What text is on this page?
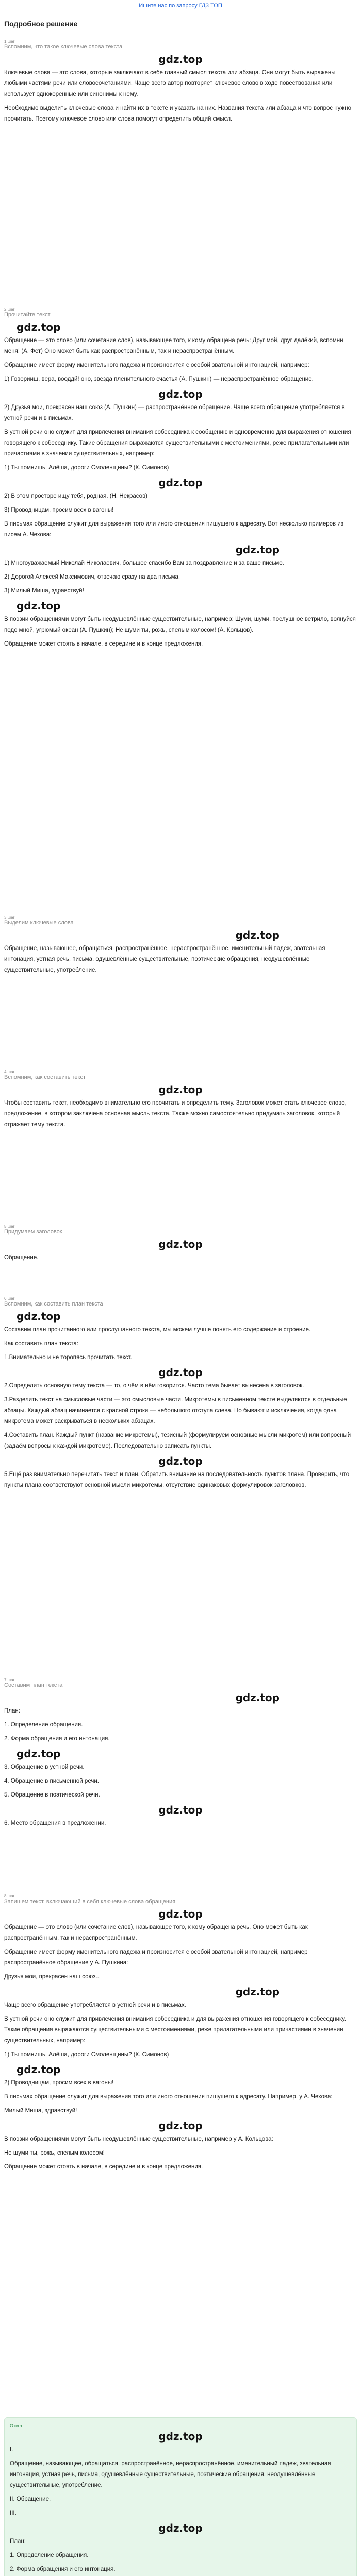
Ищите нас по запросу ГДЗ ТОП
Подробное решение
1 шаг
Вспомним, что такое ключевые слова текста
gdz.top
Ключевые слова — это слова, которые заключают в себе главный смысл текста или абзаца. Они могут быть выражены любыми частями речи или словосочетаниями. Чаще всего автор повторяет ключевое слово в ходе повествования или использует однокоренные или синонимы к нему.
Необходимо выделить ключевые слова и найти их в тексте и указать на них. Названия текста или абзаца и что вопрос нужно прочитать. Поэтому ключевое слово или слова помогут определить общий смысл.
2 шаг
Прочитайте текст
gdz.top
Обращение — это слово (или сочетание слов), называющее того, к кому обращена речь: Друг мой, друг далёкий, вспомни меня! (А. Фет) Оно может быть как распространённым, так и нераспространённым.
Обращение имеет форму именительного падежа и произносится с особой звательной интонацией, например:
1) Говорииш, вера, вооддй! оно, звезда пленительного счастья (А. Пушкин) — нераспространённое обращение.
gdz.top
2) Друзья мои, прекрасен наш союз (А. Пушкин) — распространённое обращение. Чаще всего обращение употребляется в устной речи и в письмах.
В устной речи оно служит для привлечения внимания собеседника к сообщению и одновременно для выражения отношения говорящего к собеседнику. Такие обращения выражаются существительными с местоимениями, реже прилагательными или причастиями в значении существительных, например:
1) Ты помнишь, Алёша, дороги Смоленщины? (К. Симонов)
gdz.top
2) В этом просторе ищу тебя, родная. (Н. Некрасов)
3) Проводницам, просим всех в вагоны!
В письмах обращение служит для выражения того или иного отношения пишущего к адресату. Вот несколько примеров из писем А. Чехова:
gdz.top
1) Многоуважаемый Николай Николаевич, большое спасибо Вам за поздравление и за ваше письмо.
2) Дорогой Алексей Максимович, отвечаю сразу на два письма.
3) Милый Миша, здравствуй!
gdz.top
В поэзии обращениями могут быть неодушевлённые существительные, например: Шуми, шуми, послушное ветрило, волнуйся подо мной, угрюмый океан (А. Пушкин); Не шуми ты, рожь, спелым колосом! (А. Кольцов).
Обращение может стоять в начале, в середине и в конце предложения.
3 шаг
Выделим ключевые слова
gdz.top
Обращение, называющее, обращаться, распространённое, нераспространённое, именительный падеж, звательная интонация, устная речь, письма, одушевлённые существительные, поэтические обращения, неодушевлённые существительные, употребление.
4 шаг
Вспомним, как составить текст
gdz.top
Чтобы составить текст, необходимо внимательно его прочитать и определить тему. Заголовок может стать ключевое слово, предложение, в котором заключена основная мысль текста. Также можно самостоятельно придумать заголовок, который отражает тему текста.
5 шаг
Придумаем заголовок
gdz.top
Обращение.
6 шаг
Вспомним, как составить план текста
gdz.top
Составим план прочитанного или прослушанного текста, мы можем лучше понять его содержание и строение.
Как составить план текста:
1.Внимательно и не торопясь прочитать текст.
gdz.top
2.Определить основную тему текста — то, о чём в нём говорится. Часто тема бывает вынесена в заголовок.
3.Разделить текст на смысловые части — это смысловые части. Микротемы в письменном тексте выделяются в отдельные абзацы. Каждый абзац начинается с красной строки — небольшого отступа слева. Но бывают и исключения, когда одна микротема может раскрываться в нескольких абзацах.
4.Составить план. Каждый пункт (название микротемы), тезисный (формулируем основные мысли микротем) или вопросный (задаём вопросы к каждой микротеме). Последовательно записать пункты.
gdz.top
5.Ещё раз внимательно перечитать текст и план. Обратить внимание на последовательность пунктов плана. Проверить, что пункты плана соответствуют основной мысли микротемы, отсутствие одинаковых формулировок заголовков.
7 шаг
Составим план текста
gdz.top
План:
1. Определение обращения.
2. Форма обращения и его интонация.
gdz.top
3. Обращение в устной речи.
4. Обращение в письменной речи.
5. Обращение в поэтической речи.
gdz.top
6. Место обращения в предложении.
8 шаг
Запишем текст, включающий в себя ключевые слова обращения
gdz.top
Обращение — это слово (или сочетание слов), называющее того, к кому обращена речь. Оно может быть как распространённым, так и нераспространённым.
Обращение имеет форму именительного падежа и произносится с особой звательной интонацией, например распространённое обращение у А. Пушкина:
Друзья мои, прекрасен наш союз...
gdz.top
Чаще всего обращение употребляется в устной речи и в письмах.
В устной речи оно служит для привлечения внимания собеседника и для выражения отношения говорящего к собеседнику. Такие обращения выражаются существительными с местоимениями, реже прилагательными или причастиями в значении существительных, например:
1) Ты помнишь, Алёша, дороги Смоленщины? (К. Симонов)
gdz.top
2) Проводницам, просим всех в вагоны!
В письмах обращение служит для выражения того или иного отношения пишущего к адресату. Например, у А. Чехова:
Милый Миша, здравствуй!
gdz.top
В поэзии обращениями могут быть неодушевлённые существительные, например у А. Кольцова:
Не шуми ты, рожь, спелым колосом!
Обращение может стоять в начале, в середине и в конце предложения.
Ответ
gdz.top
I.
Обращение, называющее, обращаться, распространённое, нераспространённое, именительный падеж, звательная интонация, устная речь, письма, одушевлённые существительные, поэтические обращения, неодушевлённые существительные, употребление.
II. Обращение.
III.
gdz.top
План:
1. Определение обращения.
2. Форма обращения и его интонация.
